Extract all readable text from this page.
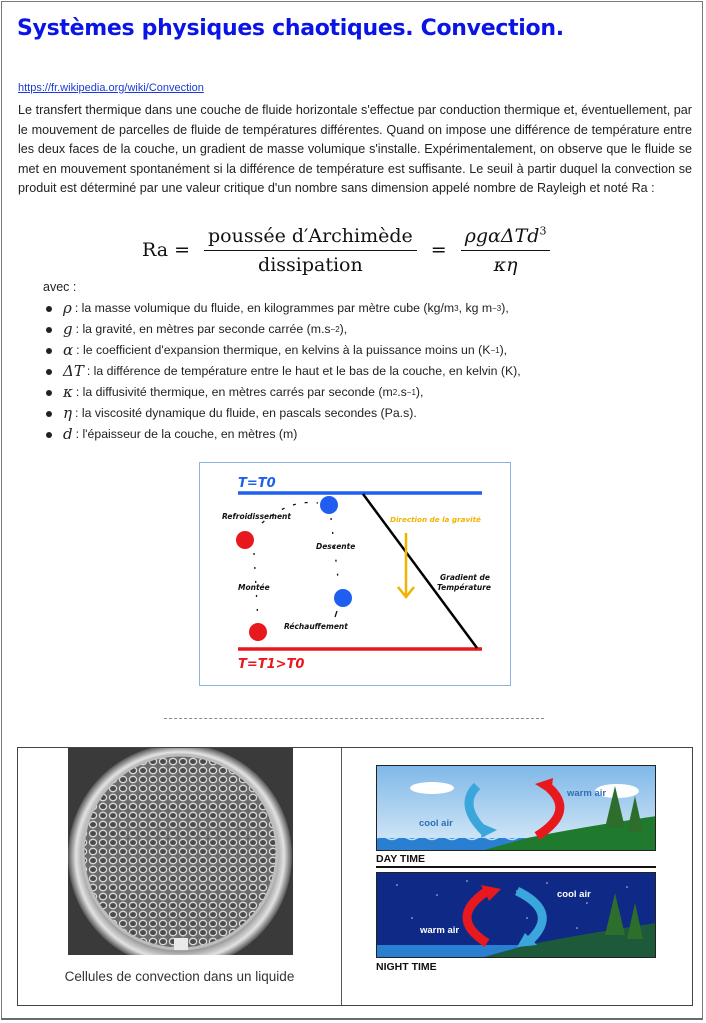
Systèmes physiques chaotiques. Convection.
https://fr.wikipedia.org/wiki/Convection

Le transfert thermique dans une couche de fluide horizontale s'effectue par conduction thermique et, éventuellement, par le mouvement de parcelles de fluide de températures différentes. Quand on impose une différence de température entre les deux faces de la couche, un gradient de masse volumique s'installe. Expérimentalement, on observe que le fluide se met en mouvement spontanément si la différence de température est suffisante. Le seuil à partir duquel la convection se produit est déterminé par une valeur critique d'un nombre sans dimension appelé nombre de Rayleigh et noté Ra :

$Ra = \frac{\text{poussée d′Archimède}}{\text{dissipation}} = \frac{\rho g\alpha\Delta Td^3}{\kappa\eta}$
avec :
ρ : la masse volumique du fluide, en kilogrammes par mètre cube (kg/m 3 , kg m −3 ),
g : la gravité, en mètres par seconde carrée (m.s −2 ),
α : le coefficient d'expansion thermique, en kelvins à la puissance moins un (K −1 ),
ΔT : la différence de température entre le haut et le bas de la couche, en kelvin (K),
κ : la diffusivité thermique, en mètres carrés par seconde (m 2 .s −1 ),
η : la viscosité dynamique du fluide, en pascals secondes (Pa.s).
d : l'épaisseur de la couche, en mètres (m)
T=T0
T=T1>T0
Gradient de
Température
Direction de la gravité
Refroidissement
Descente
Montée
Réchauffement
Cellules de convection dans un liquide
cool air
warm air
DAY TIME
warm air
cool air
NIGHT TIME
